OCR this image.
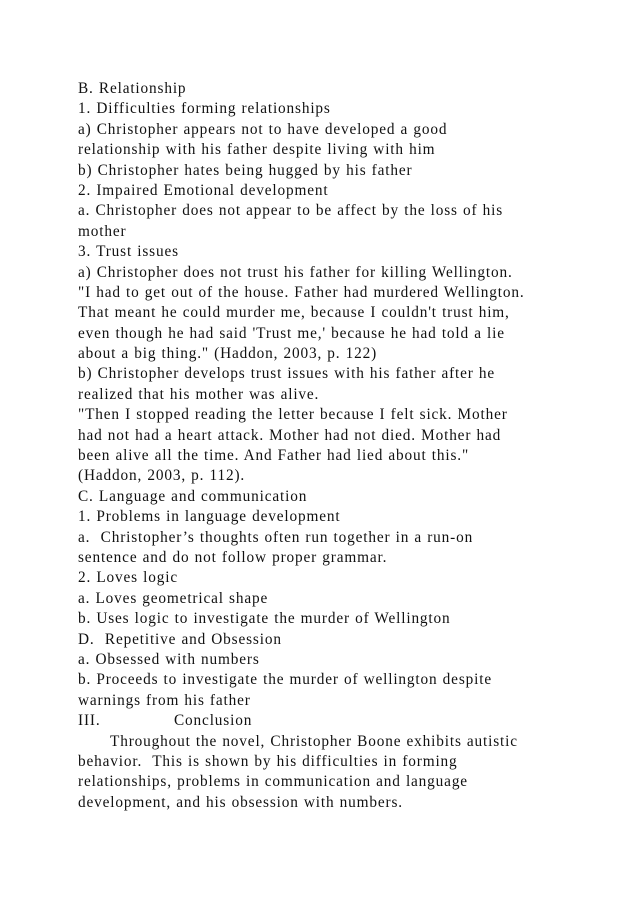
B. Relationship
1. Difficulties forming relationships
a) Christopher appears not to have developed a good
relationship with his father despite living with him
b) Christopher hates being hugged by his father
2. Impaired Emotional development
a. Christopher does not appear to be affect by the loss of his
mother
3. Trust issues
a) Christopher does not trust his father for killing Wellington.
"I had to get out of the house. Father had murdered Wellington.
That meant he could murder me, because I couldn't trust him,
even though he had said 'Trust me,' because he had told a lie
about a big thing." (Haddon, 2003, p. 122)
b) Christopher develops trust issues with his father after he
realized that his mother was alive.
"Then I stopped reading the letter because I felt sick. Mother
had not had a heart attack. Mother had not died. Mother had
been alive all the time. And Father had lied about this."
(Haddon, 2003, p. 112).
C. Language and communication
1. Problems in language development
a.  Christopher’s thoughts often run together in a run-on
sentence and do not follow proper grammar.
2. Loves logic
a. Loves geometrical shape
b. Uses logic to investigate the murder of Wellington
D.  Repetitive and Obsession
a. Obsessed with numbers
b. Proceeds to investigate the murder of wellington despite
warnings from his father
III.	Conclusion
Throughout the novel, Christopher Boone exhibits autistic
behavior.  This is shown by his difficulties in forming
relationships, problems in communication and language
development, and his obsession with numbers.
